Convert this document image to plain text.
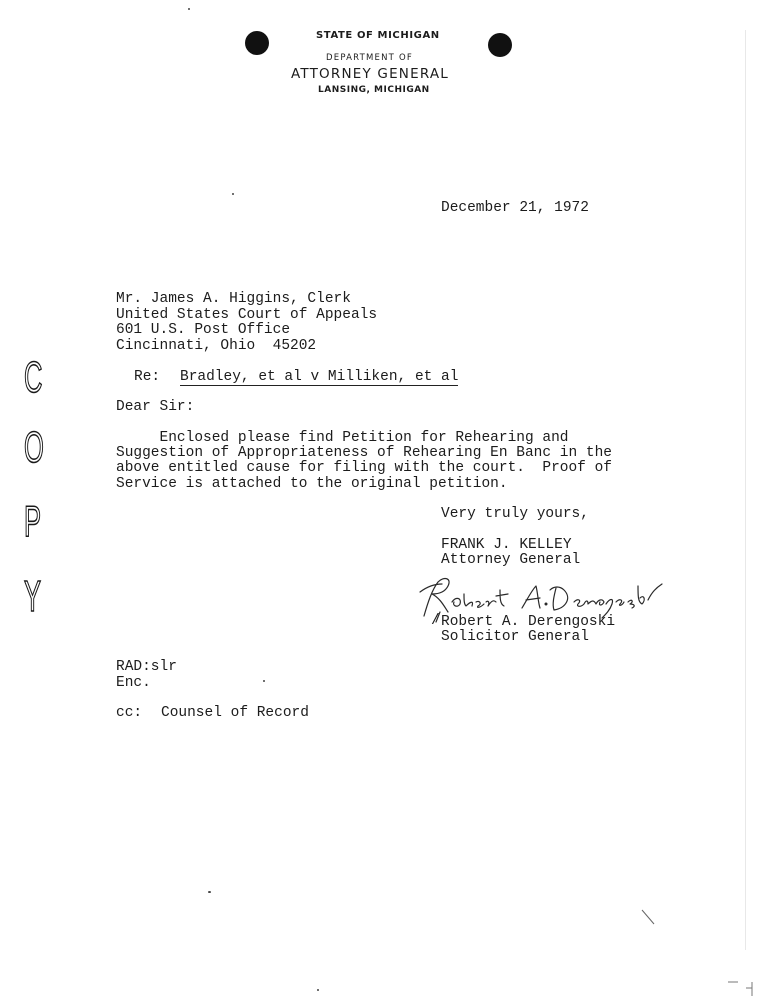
STATE OF MICHIGAN
DEPARTMENT OF
ATTORNEY GENERAL
LANSING, MICHIGAN
C
O
P
Y
December 21, 1972
Mr. James A. Higgins, Clerk
United States Court of Appeals
601 U.S. Post Office
Cincinnati, Ohio  45202
Re: Bradley, et al v Milliken, et al
Dear Sir:
Enclosed please find Petition for Rehearing and
Suggestion of Appropriateness of Rehearing En Banc in the
above entitled cause for filing with the court.  Proof of
Service is attached to the original petition.
Very truly yours,
FRANK J. KELLEY
Attorney General
/ Robert A. Derengoski
Solicitor General
RAD:slr
Enc.
cc: Counsel of Record
